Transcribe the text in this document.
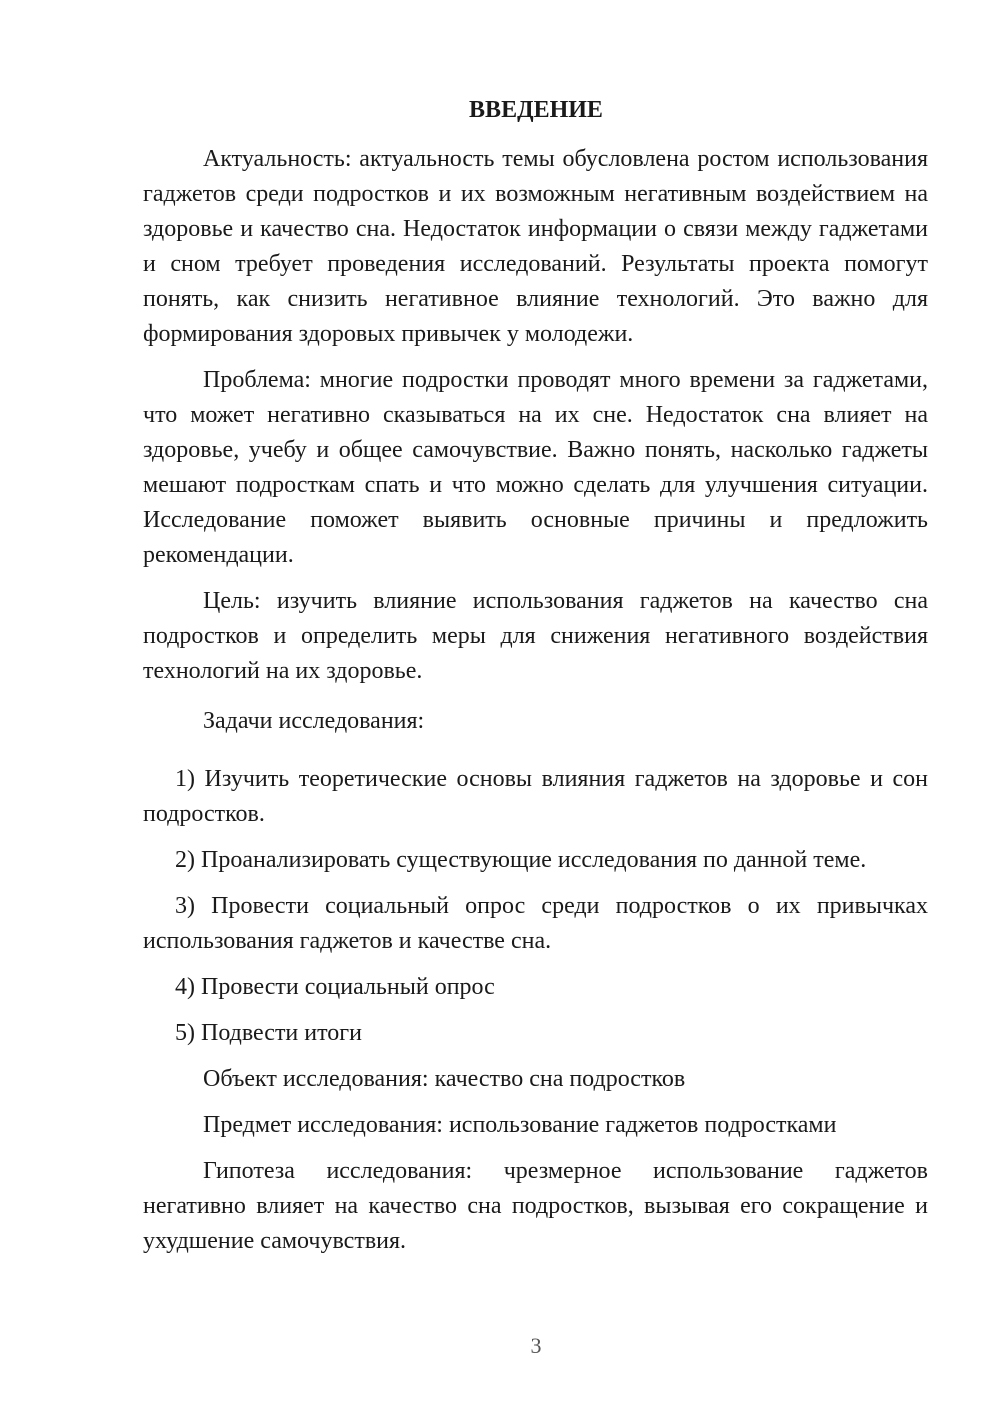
ВВЕДЕНИЕ

Актуальность: актуальность темы обусловлена ростом использования гаджетов среди подростков и их возможным негативным воздействием на здоровье и качество сна. Недостаток информации о связи между гаджетами и сном требует проведения исследований. Результаты проекта помогут понять, как снизить негативное влияние технологий. Это важно для формирования здоровых привычек у молодежи.

Проблема: многие подростки проводят много времени за гаджетами, что может негативно сказываться на их сне. Недостаток сна влияет на здоровье, учебу и общее самочувствие. Важно понять, насколько гаджеты мешают подросткам спать и что можно сделать для улучшения ситуации. Исследование поможет выявить основные причины и предложить рекомендации.

Цель: изучить влияние использования гаджетов на качество сна подростков и определить меры для снижения негативного воздействия технологий на их здоровье.

Задачи исследования:

1) Изучить теоретические основы влияния гаджетов на здоровье и сон подростков.

2) Проанализировать существующие исследования по данной теме.

3) Провести социальный опрос среди подростков о их привычках использования гаджетов и качестве сна.

4) Провести социальный опрос

5) Подвести итоги

Объект исследования: качество сна подростков

Предмет исследования: использование гаджетов подростками

Гипотеза исследования: чрезмерное использование гаджетов негативно влияет на качество сна подростков, вызывая его сокращение и ухудшение самочувствия.

3
